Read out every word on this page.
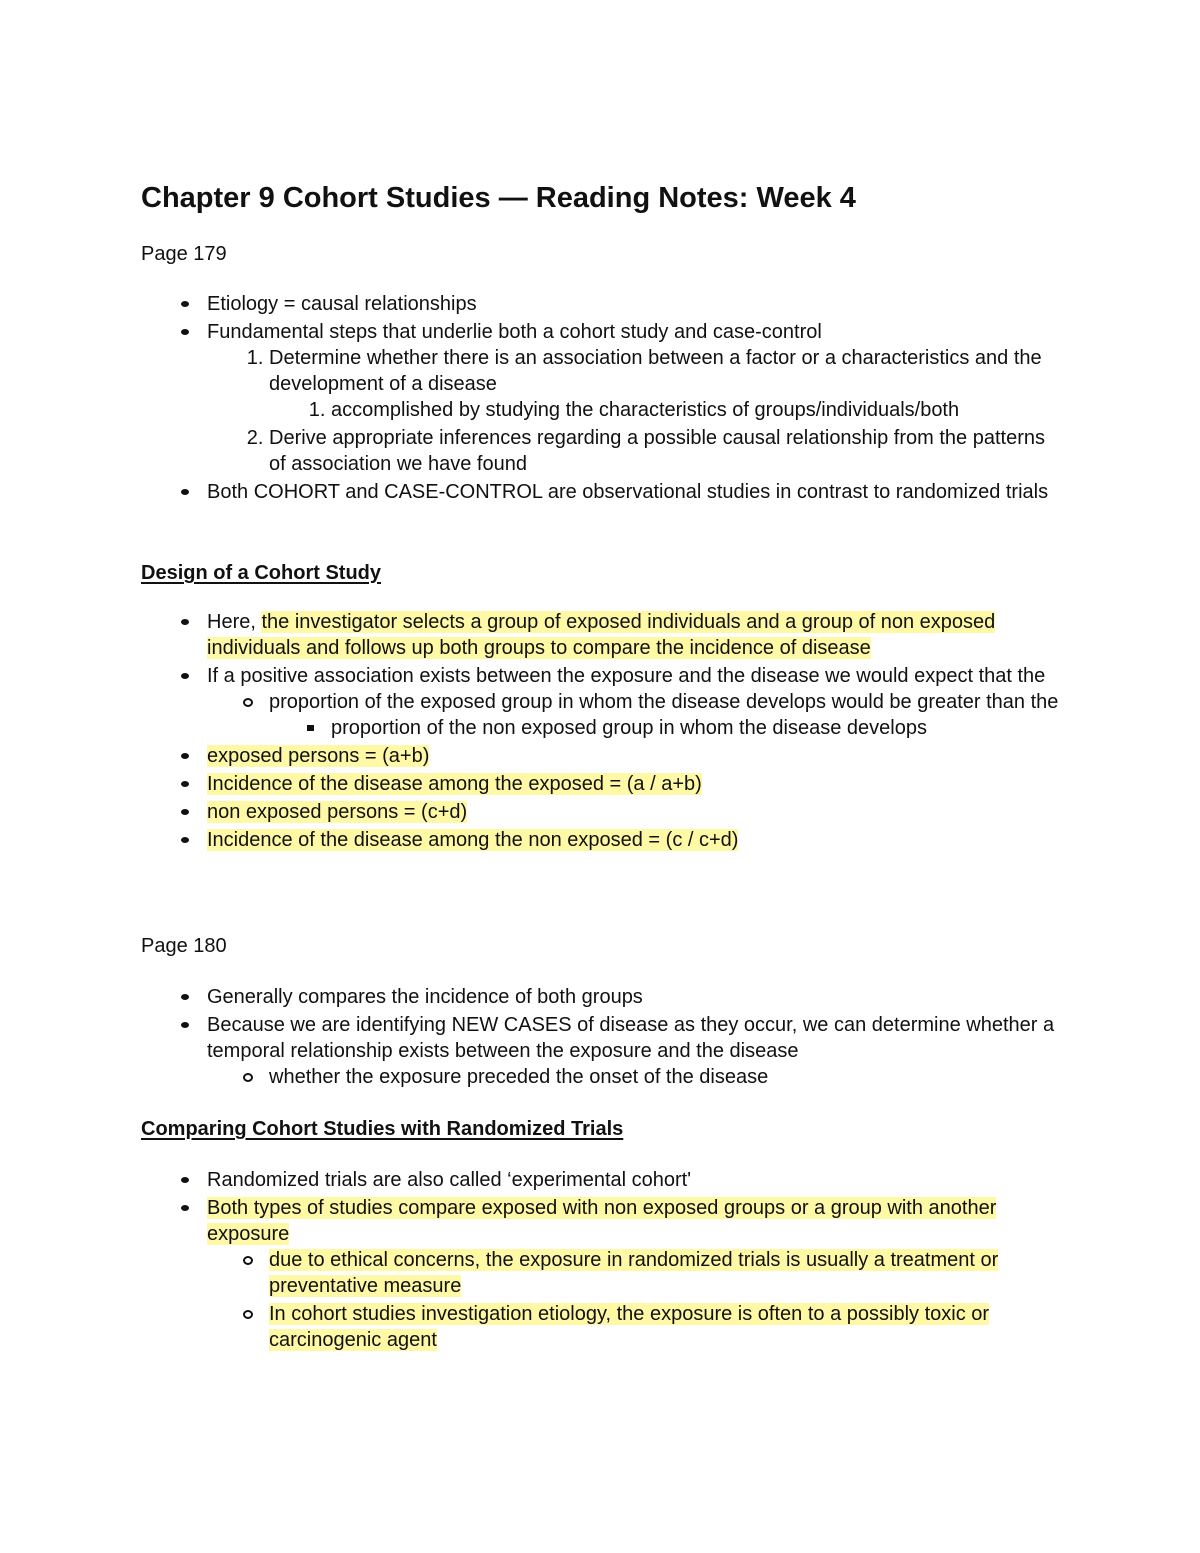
Chapter 9 Cohort Studies — Reading Notes: Week 4

Page 179

Etiology = causal relationships
Fundamental steps that underlie both a cohort study and case-control
1. Determine whether there is an association between a factor or a characteristics and the development of a disease
1. accomplished by studying the characteristics of groups/individuals/both
2. Derive appropriate inferences regarding a possible causal relationship from the patterns of association we have found
Both COHORT and CASE-CONTROL are observational studies in contrast to randomized trials

Design of a Cohort Study

Here, the investigator selects a group of exposed individuals and a group of non exposed individuals and follows up both groups to compare the incidence of disease
If a positive association exists between the exposure and the disease we would expect that the
proportion of the exposed group in whom the disease develops would be greater than the
proportion of the non exposed group in whom the disease develops
exposed persons = (a+b)
Incidence of the disease among the exposed = (a / a+b)
non exposed persons = (c+d)
Incidence of the disease among the non exposed = (c / c+d)

Page 180

Generally compares the incidence of both groups
Because we are identifying NEW CASES of disease as they occur, we can determine whether a temporal relationship exists between the exposure and the disease
whether the exposure preceded the onset of the disease

Comparing Cohort Studies with Randomized Trials

Randomized trials are also called ‘experimental cohort'
Both types of studies compare exposed with non exposed groups or a group with another exposure
due to ethical concerns, the exposure in randomized trials is usually a treatment or preventative measure
In cohort studies investigation etiology, the exposure is often to a possibly toxic or carcinogenic agent
